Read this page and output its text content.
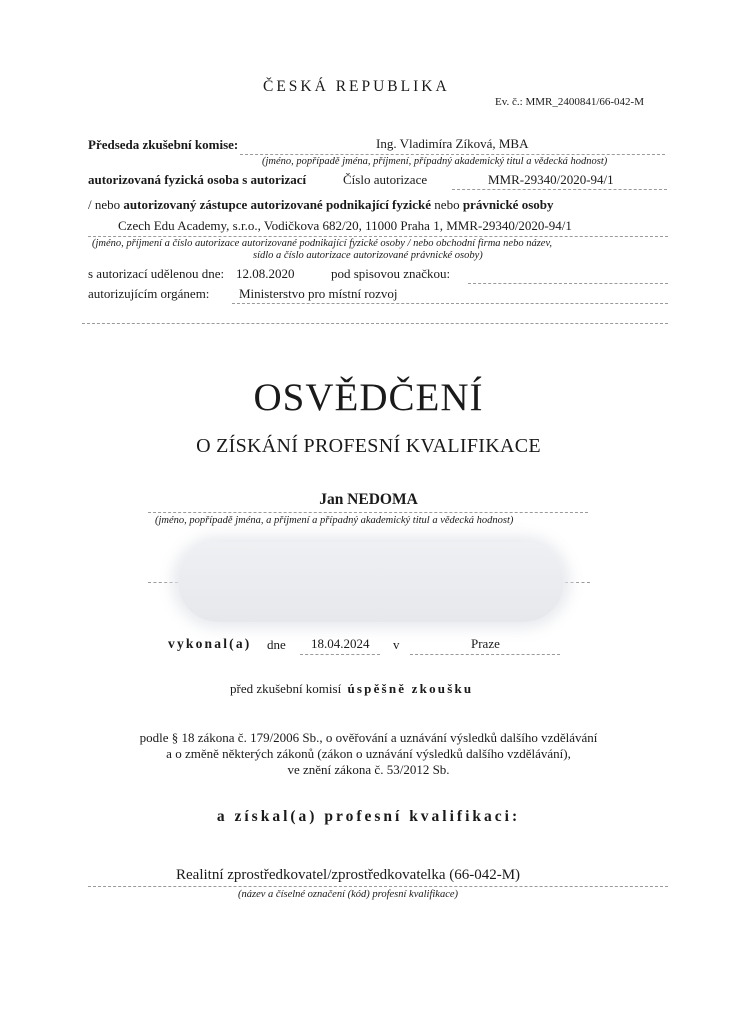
ČESKÁ REPUBLIKA
Ev. č.: MMR_2400841/66-042-M
Předseda zkušební komise:	Ing. Vladimíra Zíková, MBA
(jméno, popřípadě jména, příjmení, případný akademický titul a vědecká hodnost)
autorizovaná fyzická osoba s autorizací	Číslo autorizace	MMR-29340/2020-94/1
/ nebo autorizovaný zástupce autorizované podnikající fyzické nebo právnické osoby
Czech Edu Academy, s.r.o., Vodičkova 682/20, 11000 Praha 1, MMR-29340/2020-94/1
(jméno, příjmení a číslo autorizace autorizované podnikající fyzické osoby / nebo obchodní firma nebo název,
sídlo a číslo autorizace autorizované právnické osoby)
s autorizací udělenou dne: 12.08.2020	pod spisovou značkou:
autorizujícím orgánem: Ministerstvo pro místní rozvoj
OSVĚDČENÍ
O ZÍSKÁNÍ PROFESNÍ KVALIFIKACE
Jan NEDOMA
(jméno, popřípadě jména, a příjmení a případný akademický titul a vědecká hodnost)
vykonal(a) dne 18.04.2024 v	Praze
před zkušební komisí úspěšně zkoušku
podle § 18 zákona č. 179/2006 Sb., o ověřování a uznávání výsledků dalšího vzdělávání
a o změně některých zákonů (zákon o uznávání výsledků dalšího vzdělávání),
ve znění zákona č. 53/2012 Sb.
a získal(a) profesní kvalifikaci:
Realitní zprostředkovatel/zprostředkovatelka (66-042-M)
(název a číselné označení (kód) profesní kvalifikace)
